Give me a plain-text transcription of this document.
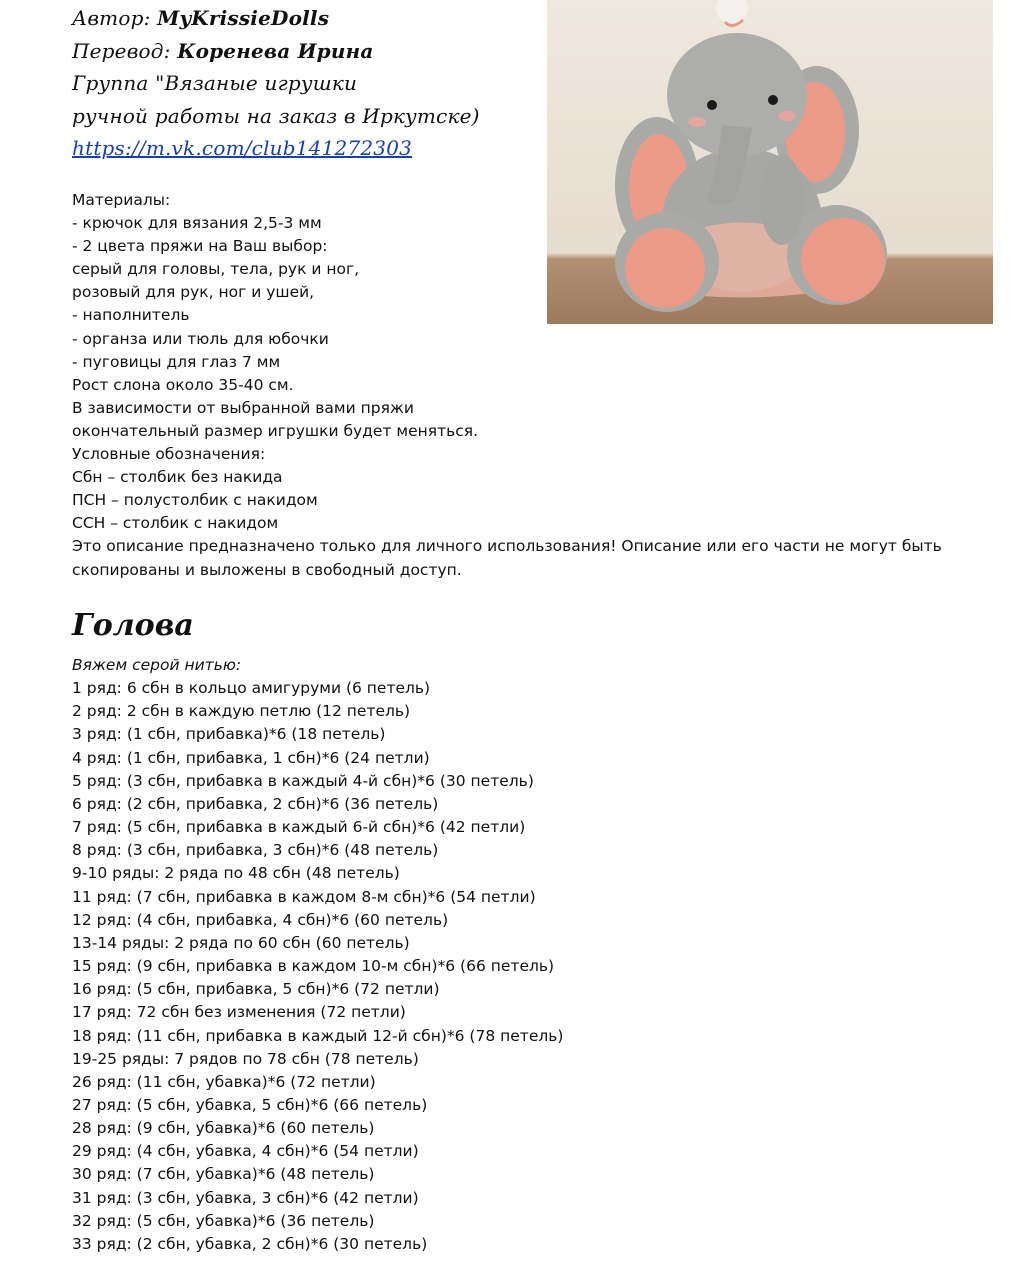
Автор: MyKrissieDolls
Перевод: Коренева Ирина
Группа "Вязаные игрушки
ручной работы на заказ в Иркутске)
https://m.vk.com/club141272303
Материалы:
- крючок для вязания 2,5-3 мм
- 2 цвета пряжи на Ваш выбор:
серый для головы, тела, рук и ног,
розовый для рук, ног и ушей,
- наполнитель
- органза или тюль для юбочки
- пуговицы для глаз 7 мм
Рост слона около 35-40 см.
В зависимости от выбранной вами пряжи
окончательный размер игрушки будет меняться.
Условные обозначения:
Сбн – столбик без накида
ПСН – полустолбик с накидом
ССН – столбик с накидом
Это описание предназначено только для личного использования! Описание или его части не могут быть
скопированы и выложены в свободный доступ.
Голова
Вяжем серой нитью:
1 ряд: 6 сбн в кольцо амигуруми (6 петель)
2 ряд: 2 сбн в каждую петлю (12 петель)
3 ряд: (1 сбн, прибавка)*6 (18 петель)
4 ряд: (1 сбн, прибавка, 1 сбн)*6 (24 петли)
5 ряд: (3 сбн, прибавка в каждый 4-й сбн)*6 (30 петель)
6 ряд: (2 сбн, прибавка, 2 сбн)*6 (36 петель)
7 ряд: (5 сбн, прибавка в каждый 6-й сбн)*6 (42 петли)
8 ряд: (3 сбн, прибавка, 3 сбн)*6 (48 петель)
9-10 ряды: 2 ряда по 48 сбн (48 петель)
11 ряд: (7 сбн, прибавка в каждом 8-м сбн)*6 (54 петли)
12 ряд: (4 сбн, прибавка, 4 сбн)*6 (60 петель)
13-14 ряды: 2 ряда по 60 сбн (60 петель)
15 ряд: (9 сбн, прибавка в каждом 10-м сбн)*6 (66 петель)
16 ряд: (5 сбн, прибавка, 5 сбн)*6 (72 петли)
17 ряд: 72 сбн без изменения (72 петли)
18 ряд: (11 сбн, прибавка в каждый 12-й сбн)*6 (78 петель)
19-25 ряды: 7 рядов по 78 сбн (78 петель)
26 ряд: (11 сбн, убавка)*6 (72 петли)
27 ряд: (5 сбн, убавка, 5 сбн)*6 (66 петель)
28 ряд: (9 сбн, убавка)*6 (60 петель)
29 ряд: (4 сбн, убавка, 4 сбн)*6 (54 петли)
30 ряд: (7 сбн, убавка)*6 (48 петель)
31 ряд: (3 сбн, убавка, 3 сбн)*6 (42 петли)
32 ряд: (5 сбн, убавка)*6 (36 петель)
33 ряд: (2 сбн, убавка, 2 сбн)*6 (30 петель)
